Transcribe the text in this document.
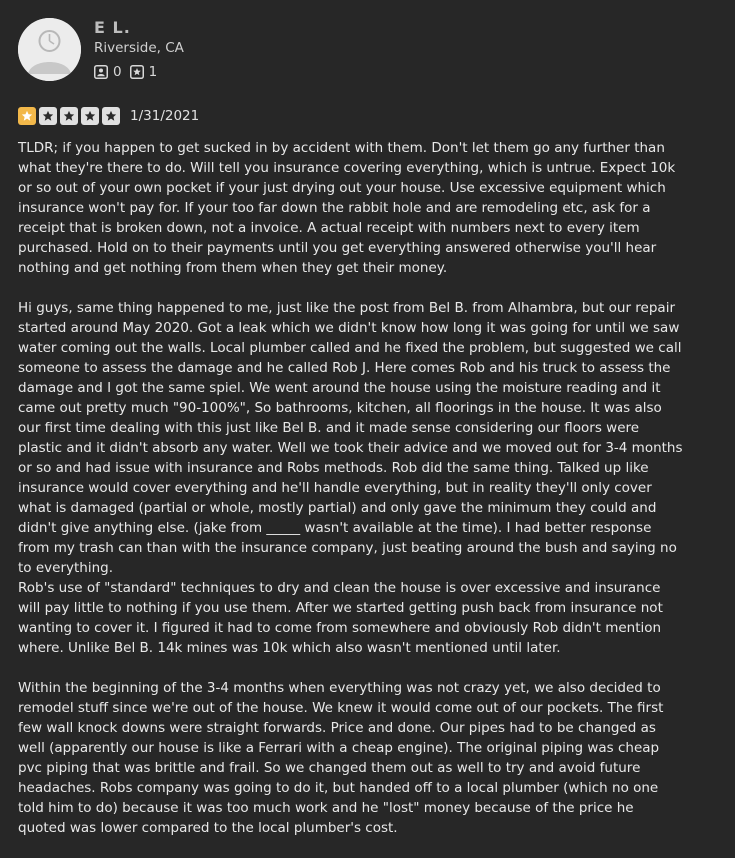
E L.
Riverside, CA
0 1
1/31/2021

TLDR; if you happen to get sucked in by accident with them. Don't let them go any further than what they're there to do. Will tell you insurance covering everything, which is untrue. Expect 10k or so out of your own pocket if your just drying out your house. Use excessive equipment which insurance won't pay for. If your too far down the rabbit hole and are remodeling etc, ask for a receipt that is broken down, not a invoice. A actual receipt with numbers next to every item purchased. Hold on to their payments until you get everything answered otherwise you'll hear nothing and get nothing from them when they get their money.

Hi guys, same thing happened to me, just like the post from Bel B. from Alhambra, but our repair started around May 2020. Got a leak which we didn't know how long it was going for until we saw water coming out the walls. Local plumber called and he fixed the problem, but suggested we call someone to assess the damage and he called Rob J. Here comes Rob and his truck to assess the damage and I got the same spiel. We went around the house using the moisture reading and it came out pretty much "90-100%", So bathrooms, kitchen, all floorings in the house. It was also our first time dealing with this just like Bel B. and it made sense considering our floors were plastic and it didn't absorb any water. Well we took their advice and we moved out for 3-4 months or so and had issue with insurance and Robs methods. Rob did the same thing. Talked up like insurance would cover everything and he'll handle everything, but in reality they'll only cover what is damaged (partial or whole, mostly partial) and only gave the minimum they could and didn't give anything else. (jake from _____ wasn't available at the time). I had better response from my trash can than with the insurance company, just beating around the bush and saying no to everything.
Rob's use of "standard" techniques to dry and clean the house is over excessive and insurance will pay little to nothing if you use them. After we started getting push back from insurance not wanting to cover it. I figured it had to come from somewhere and obviously Rob didn't mention where. Unlike Bel B. 14k mines was 10k which also wasn't mentioned until later.

Within the beginning of the 3-4 months when everything was not crazy yet, we also decided to remodel stuff since we're out of the house. We knew it would come out of our pockets. The first few wall knock downs were straight forwards. Price and done. Our pipes had to be changed as well (apparently our house is like a Ferrari with a cheap engine). The original piping was cheap pvc piping that was brittle and frail. So we changed them out as well to try and avoid future headaches. Robs company was going to do it, but handed off to a local plumber (which no one told him to do) because it was too much work and he "lost" money because of the price he quoted was lower compared to the local plumber's cost.
